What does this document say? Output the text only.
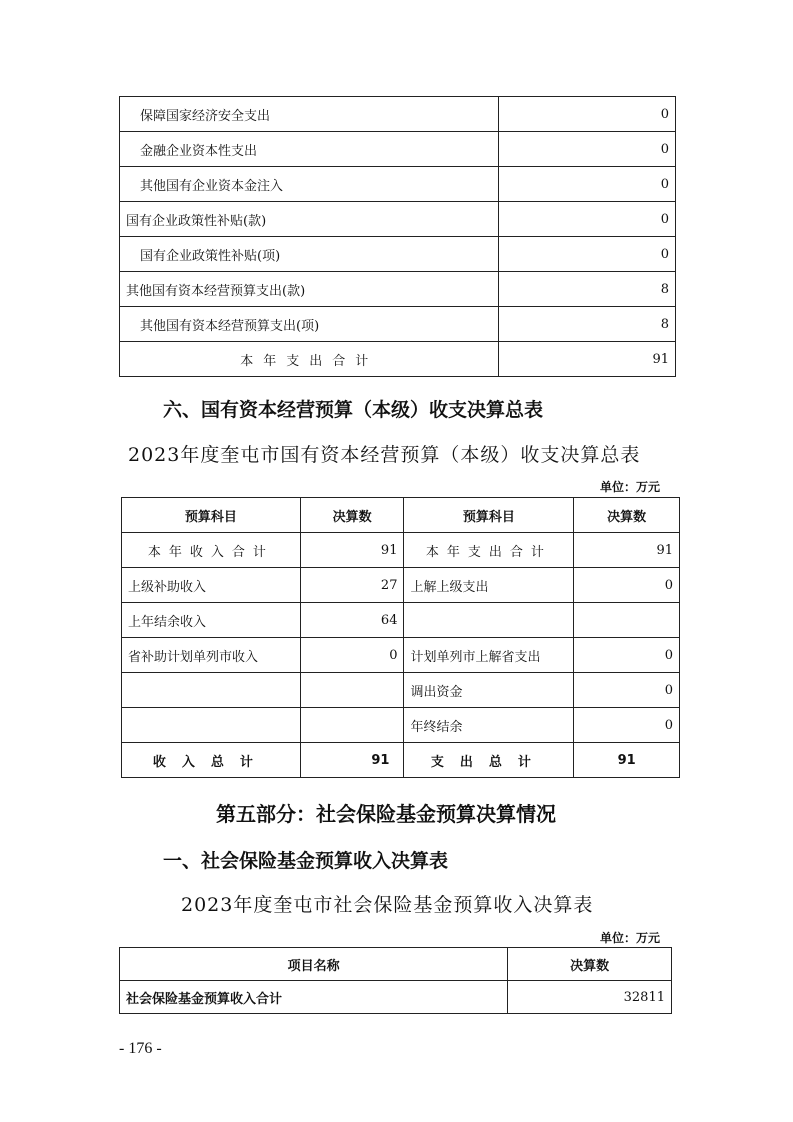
保障国家经济安全支出	0
金融企业资本性支出	0
其他国有企业资本金注入	0
国有企业政策性补贴(款)	0
国有企业政策性补贴(项)	0
其他国有资本经营预算支出(款)	8
其他国有资本经营预算支出(项)	8
本年支出合计	91
六、国有资本经营预算（本级）收支决算总表
2023年度奎屯市国有资本经营预算（本级）收支决算总表
单位：万元
预算科目	决算数	预算科目	决算数
本年收入合计	91	本年支出合计	91
上级补助收入	27	上解上级支出	0
上年结余收入	64		
省补助计划单列市收入	0	计划单列市上解省支出	0
		调出资金	0
		年终结余	0
收入总计	91	支出总计	91
第五部分：社会保险基金预算决算情况
一、社会保险基金预算收入决算表
2023年度奎屯市社会保险基金预算收入决算表
单位：万元
项目名称	决算数
社会保险基金预算收入合计	32811
- 176 -
